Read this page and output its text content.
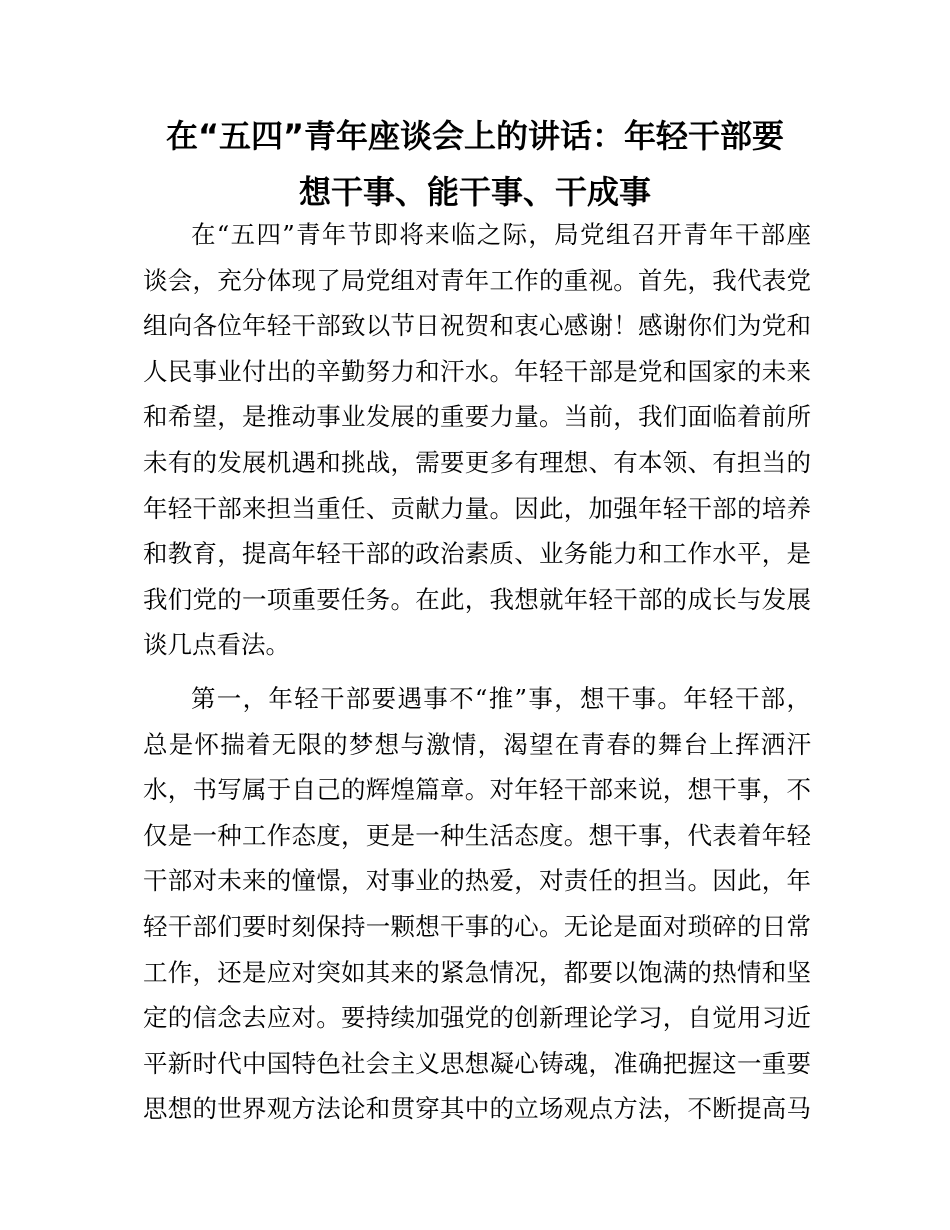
在“五四”青年座谈会上的讲话：年轻干部要
想干事、能干事、干成事

在“五四”青年节即将来临之际，局党组召开青年干部座
谈会，充分体现了局党组对青年工作的重视。首先，我代表党
组向各位年轻干部致以节日祝贺和衷心感谢！感谢你们为党和
人民事业付出的辛勤努力和汗水。年轻干部是党和国家的未来
和希望，是推动事业发展的重要力量。当前，我们面临着前所
未有的发展机遇和挑战，需要更多有理想、有本领、有担当的
年轻干部来担当重任、贡献力量。因此，加强年轻干部的培养
和教育，提高年轻干部的政治素质、业务能力和工作水平，是
我们党的一项重要任务。在此，我想就年轻干部的成长与发展
谈几点看法。

第一，年轻干部要遇事不“推”事，想干事。年轻干部，
总是怀揣着无限的梦想与激情，渴望在青春的舞台上挥洒汗
水，书写属于自己的辉煌篇章。对年轻干部来说，想干事，不
仅是一种工作态度，更是一种生活态度。想干事，代表着年轻
干部对未来的憧憬，对事业的热爱，对责任的担当。因此，年
轻干部们要时刻保持一颗想干事的心。无论是面对琐碎的日常
工作，还是应对突如其来的紧急情况，都要以饱满的热情和坚
定的信念去应对。要持续加强党的创新理论学习，自觉用习近
平新时代中国特色社会主义思想凝心铸魂，准确把握这一重要
思想的世界观方法论和贯穿其中的立场观点方法，不断提高马
